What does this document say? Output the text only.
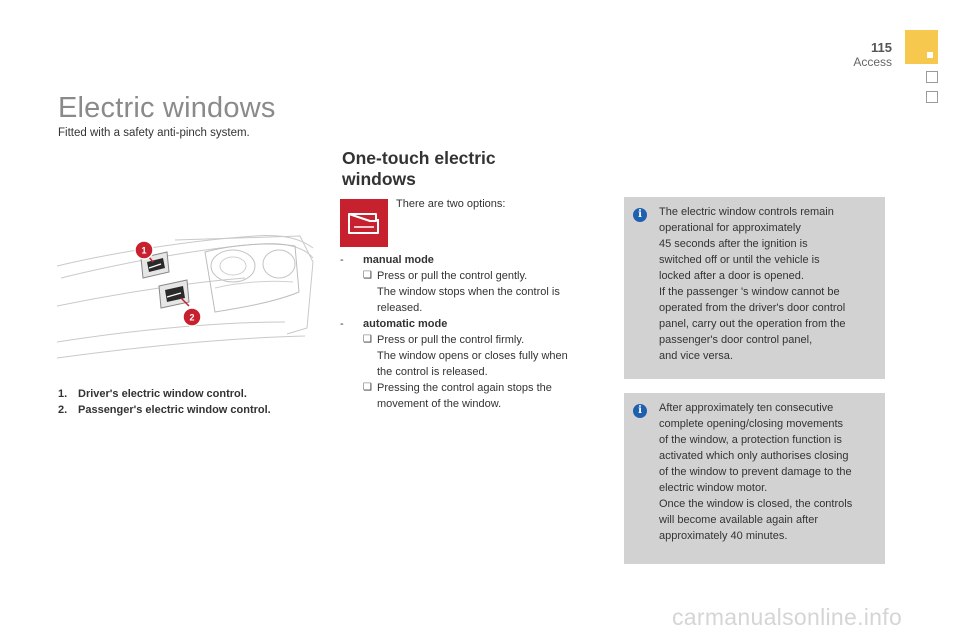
115
Access
Electric windows
Fitted with a safety anti-pinch system.
1
2
1. Driver's electric window control.
2. Passenger's electric window control.
One-touch electric windows
There are two options:
-	manual mode
❑ Press or pull the control gently.
The window stops when the control is
released.
-	automatic mode
❑ Press or pull the control firmly.
The window opens or closes fully when
the control is released.
❑ Pressing the control again stops the
movement of the window.
i	The electric window controls remain
operational for approximately
45 seconds after the ignition is
switched off or until the vehicle is
locked after a door is opened.
If the passenger 's window cannot be
operated from the driver's door control
panel, carry out the operation from the
passenger's door control panel,
and vice versa.
i	After approximately ten consecutive
complete opening/closing movements
of the window, a protection function is
activated which only authorises closing
of the window to prevent damage to the
electric window motor.
Once the window is closed, the controls
will become available again after
approximately 40 minutes.
carmanualsonline.info
